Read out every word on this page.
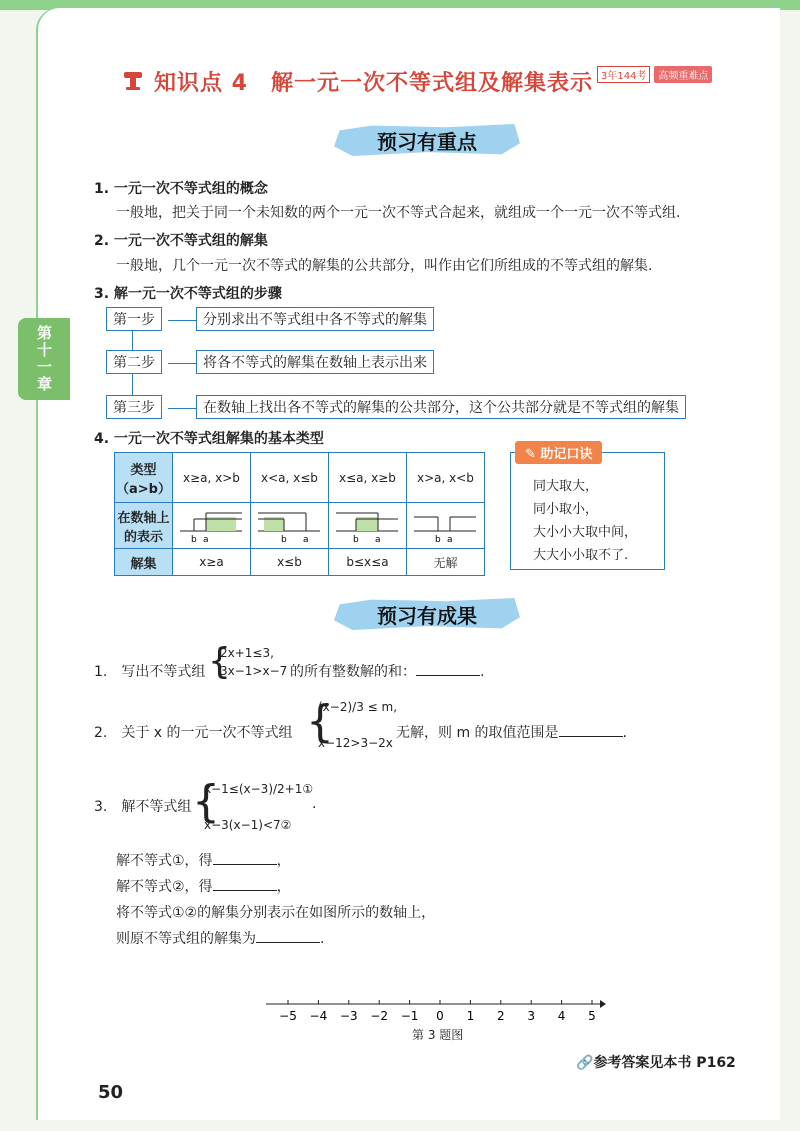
第十一章
知识点 4　解一元一次不等式组及解集表示 3年144考	高频重难点
预习有重点
1. 一元一次不等式组的概念
一般地，把关于同一个未知数的两个一元一次不等式合起来，就组成一个一元一次不等式组.
2. 一元一次不等式组的解集
一般地，几个一元一次不等式的解集的公共部分，叫作由它们所组成的不等式组的解集.
3. 解一元一次不等式组的步骤
第一步	分别求出不等式组中各不等式的解集
第二步	将各不等式的解集在数轴上表示出来
第三步	在数轴上找出各不等式的解集的公共部分，这个公共部分就是不等式组的解集
4. 一元一次不等式组解集的基本类型
类型 （a>b）	x≥a, x>b	x<a, x≤b	x≤a, x≥b	x>a, x<b
在数轴上的表示	b a	b a	b a	b a

解集	x≥a	x≤b	b≤x≤a	无解
✎ 助记口诀
同大取大，
同小取小，
大小小大取中间，
大大小小取不了.
预习有成果
1.　写出不等式组 {
2x+1≤3,
3x−1>x−7 的所有整数解的和：	.
2.　关于 x 的一元一次不等式组 {
(x−2)/3 ≤ m,
x−12>3−2x
无解，则 m 的取值范围是	.
3.　解不等式组 {
x−1≤(x−3)/2+1①
x−3(x−1)<7②
.
解不等式①，得	，
解不等式②，得	，
将不等式①②的解集分别表示在如图所示的数轴上，
则原不等式组的解集为	.
−5 −4 −3 −2 −1 0 1 2 3 4 5
第 3 题图
🔗参考答案见本书 P162
50
